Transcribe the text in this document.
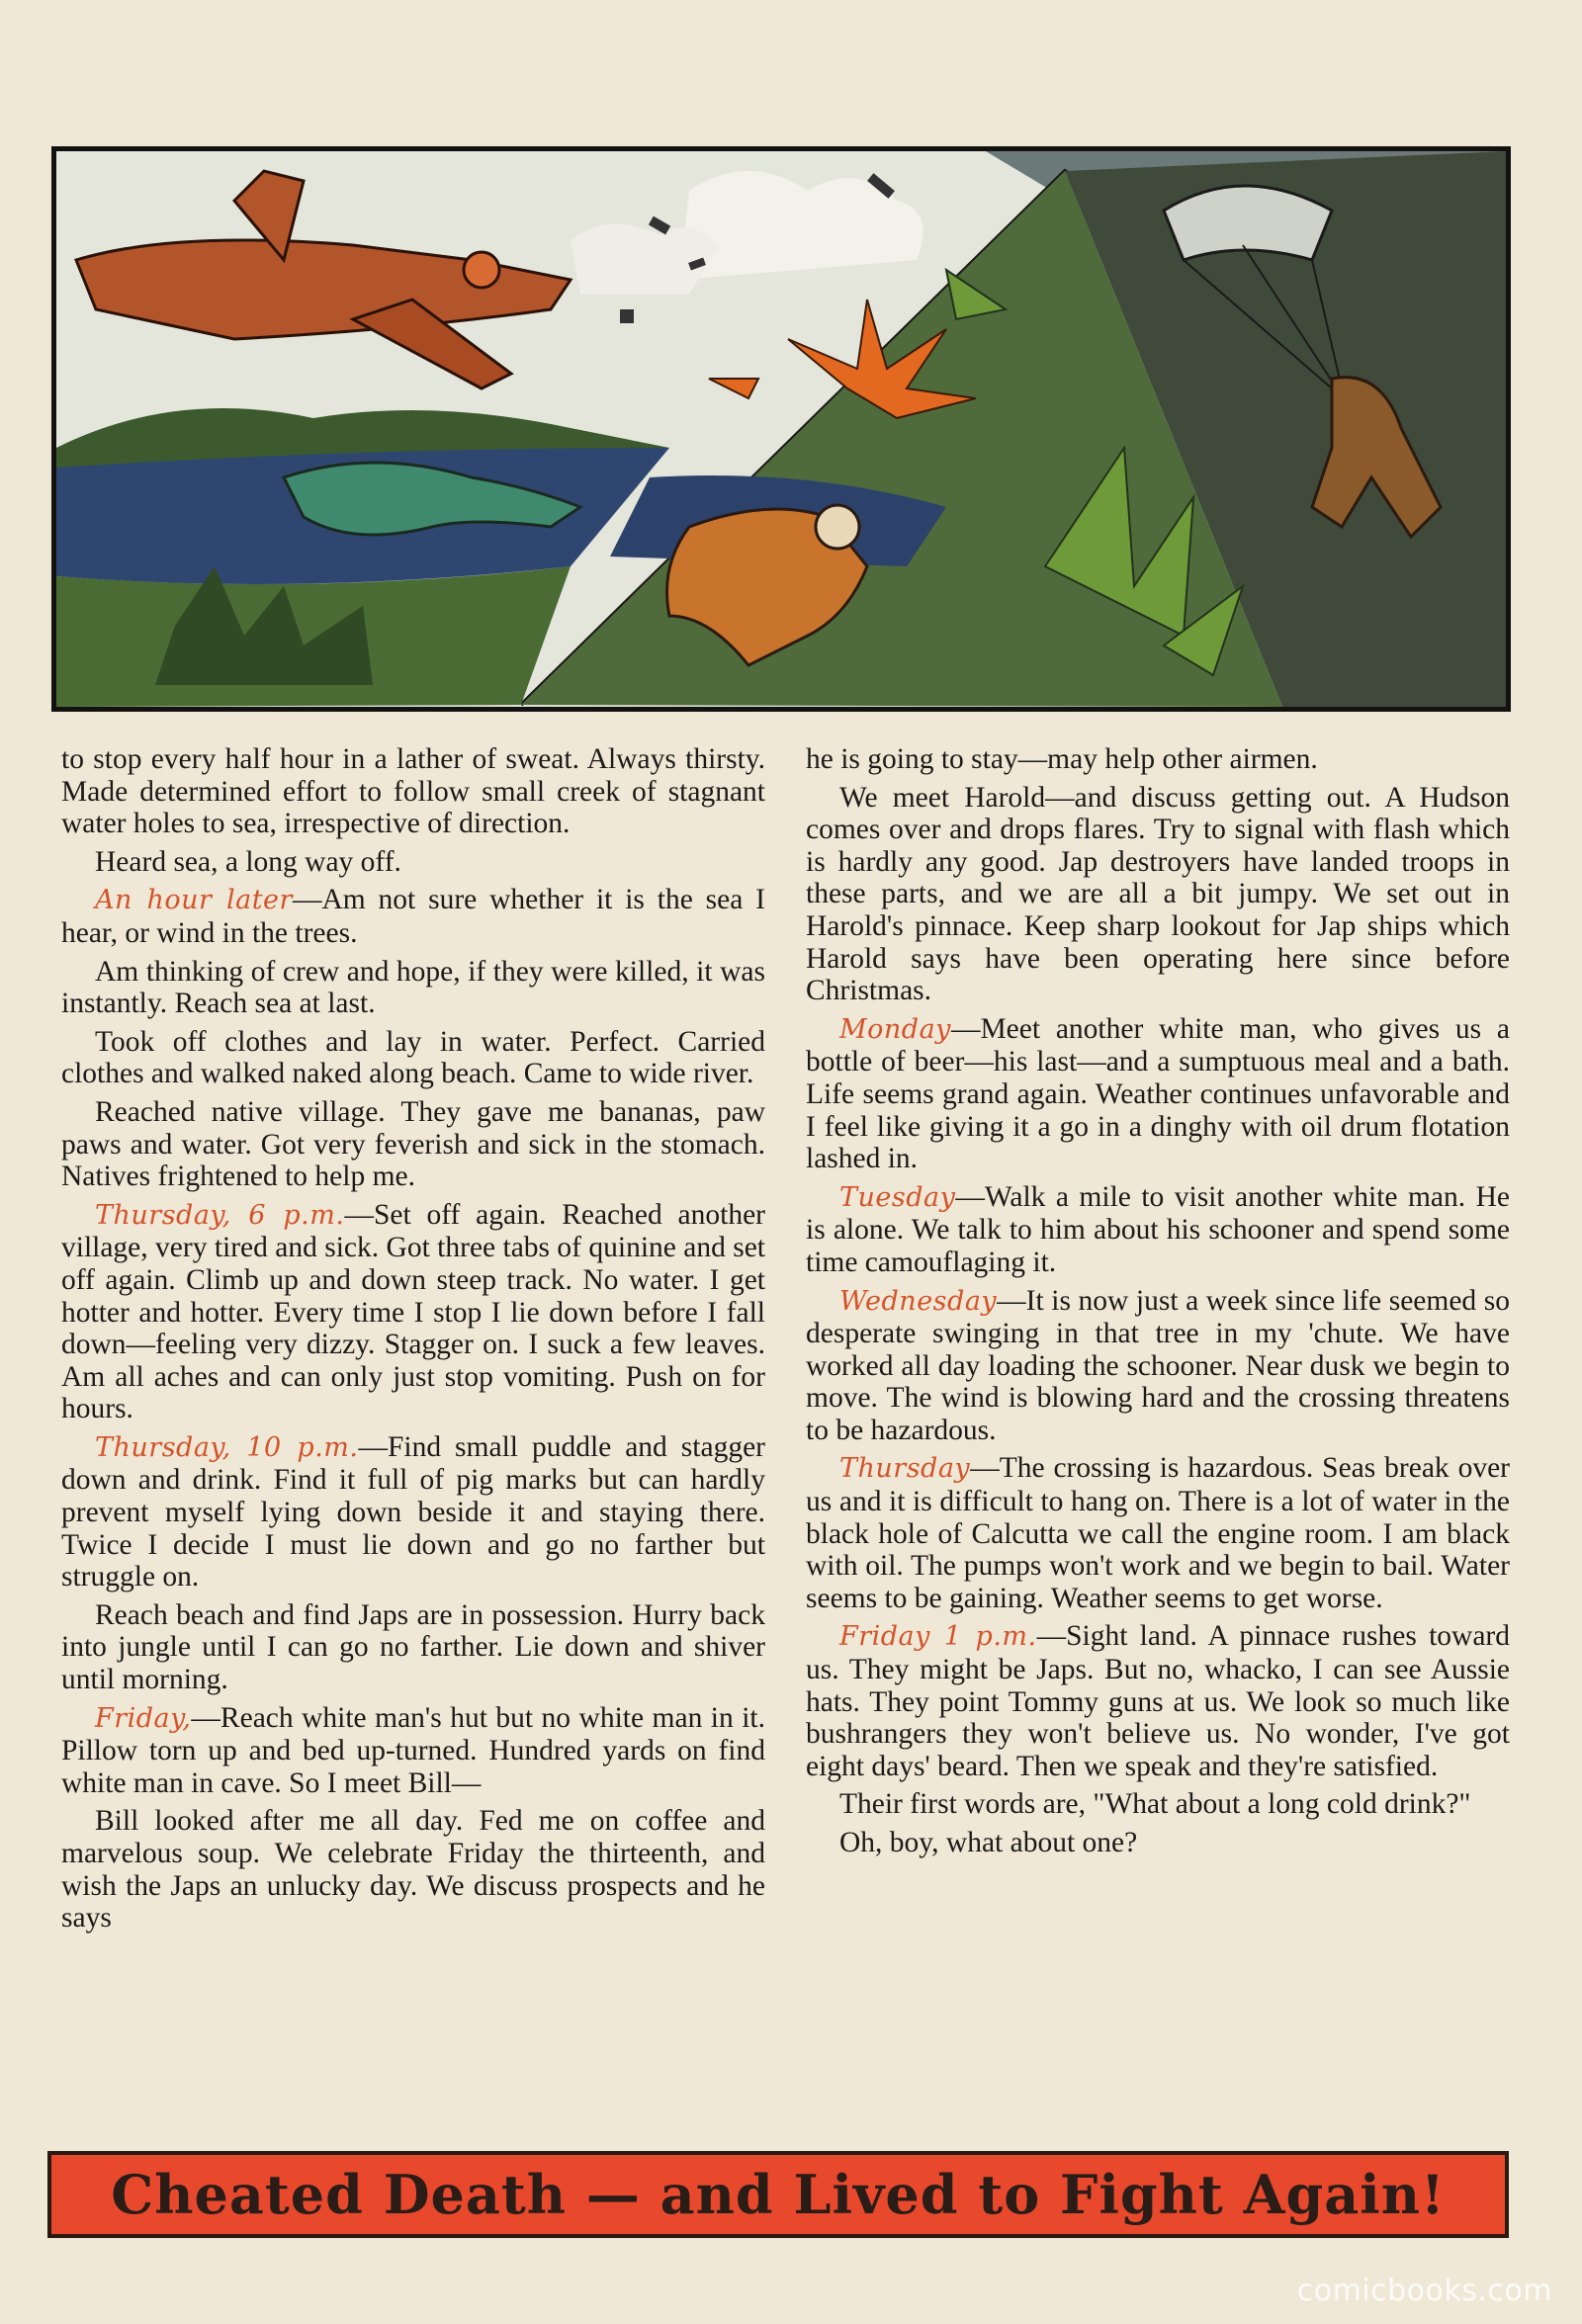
to stop every half hour in a lather of sweat. Always thirsty. Made determined effort to follow small creek of stagnant water holes to sea, irrespective of direction.

Heard sea, a long way off.

An hour later—Am not sure whether it is the sea I hear, or wind in the trees.

Am thinking of crew and hope, if they were killed, it was instantly. Reach sea at last.

Took off clothes and lay in water. Perfect. Carried clothes and walked naked along beach. Came to wide river.

Reached native village. They gave me bananas, paw paws and water. Got very feverish and sick in the stomach. Natives frightened to help me.

Thursday, 6 p.m.—Set off again. Reached another village, very tired and sick. Got three tabs of quinine and set off again. Climb up and down steep track. No water. I get hotter and hotter. Every time I stop I lie down before I fall down—feeling very dizzy. Stagger on. I suck a few leaves. Am all aches and can only just stop vomiting. Push on for hours.

Thursday, 10 p.m.—Find small puddle and stagger down and drink. Find it full of pig marks but can hardly prevent myself lying down beside it and staying there. Twice I decide I must lie down and go no farther but struggle on.

Reach beach and find Japs are in possession. Hurry back into jungle until I can go no farther. Lie down and shiver until morning.

Friday,—Reach white man's hut but no white man in it. Pillow torn up and bed up-turned. Hundred yards on find white man in cave. So I meet Bill—

Bill looked after me all day. Fed me on coffee and marvelous soup. We celebrate Friday the thirteenth, and wish the Japs an unlucky day. We discuss prospects and he says

he is going to stay—may help other airmen.

We meet Harold—and discuss getting out. A Hudson comes over and drops flares. Try to signal with flash which is hardly any good. Jap destroyers have landed troops in these parts, and we are all a bit jumpy. We set out in Harold's pinnace. Keep sharp lookout for Jap ships which Harold says have been operating here since before Christmas.

Monday—Meet another white man, who gives us a bottle of beer—his last—and a sumptuous meal and a bath. Life seems grand again. Weather continues unfavorable and I feel like giving it a go in a dinghy with oil drum flotation lashed in.

Tuesday—Walk a mile to visit another white man. He is alone. We talk to him about his schooner and spend some time camouflaging it.

Wednesday—It is now just a week since life seemed so desperate swinging in that tree in my 'chute. We have worked all day loading the schooner. Near dusk we begin to move. The wind is blowing hard and the crossing threatens to be hazardous.

Thursday—The crossing is hazardous. Seas break over us and it is difficult to hang on. There is a lot of water in the black hole of Calcutta we call the engine room. I am black with oil. The pumps won't work and we begin to bail. Water seems to be gaining. Weather seems to get worse.

Friday 1 p.m.—Sight land. A pinnace rushes toward us. They might be Japs. But no, whacko, I can see Aussie hats. They point Tommy guns at us. We look so much like bushrangers they won't believe us. No wonder, I've got eight days' beard. Then we speak and they're satisfied.

Their first words are, "What about a long cold drink?"

Oh, boy, what about one?

Cheated Death — and Lived to Fight Again!
comicbooks.com
